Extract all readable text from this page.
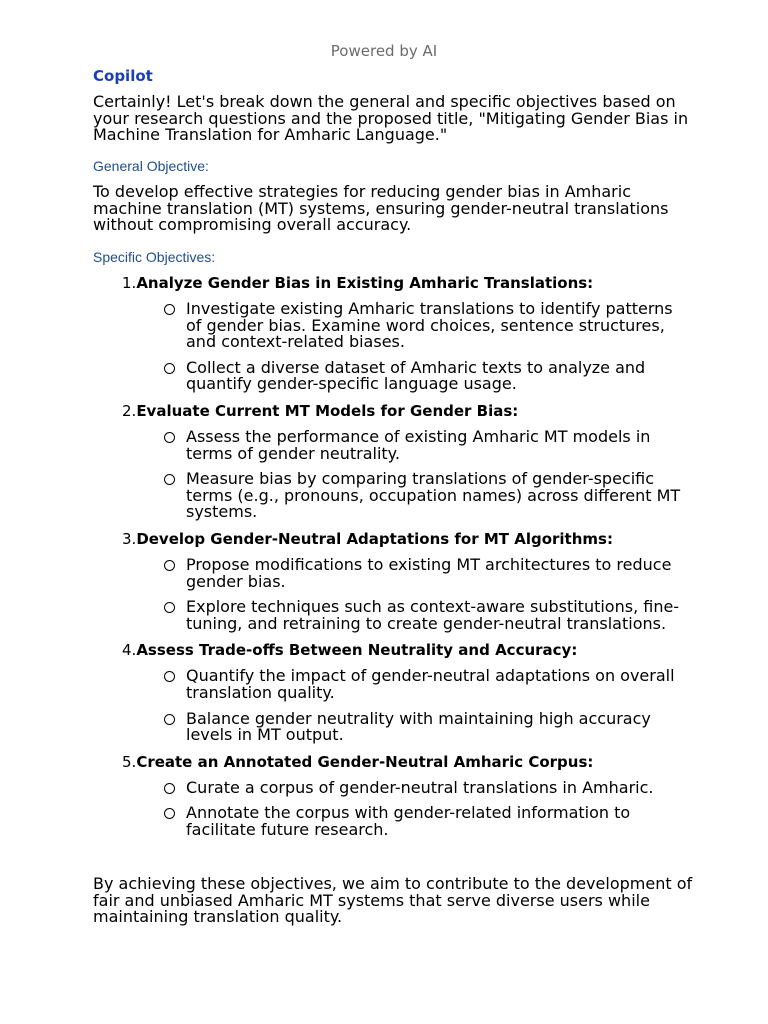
Powered by AI
Copilot

Certainly! Let's break down the general and specific objectives based on your research questions and the proposed title, "Mitigating Gender Bias in Machine Translation for Amharic Language."

General Objective:

To develop effective strategies for reducing gender bias in Amharic machine translation (MT) systems, ensuring gender-neutral translations without compromising overall accuracy.

Specific Objectives:

1.Analyze Gender Bias in Existing Amharic Translations:

Investigate existing Amharic translations to identify patterns of gender bias. Examine word choices, sentence structures, and context-related biases.
Collect a diverse dataset of Amharic texts to analyze and quantify gender-specific language usage.

2.Evaluate Current MT Models for Gender Bias:

Assess the performance of existing Amharic MT models in terms of gender neutrality.
Measure bias by comparing translations of gender-specific terms (e.g., pronouns, occupation names) across different MT systems.

3.Develop Gender-Neutral Adaptations for MT Algorithms:

Propose modifications to existing MT architectures to reduce gender bias.
Explore techniques such as context-aware substitutions, fine-tuning, and retraining to create gender-neutral translations.

4.Assess Trade-offs Between Neutrality and Accuracy:

Quantify the impact of gender-neutral adaptations on overall translation quality.
Balance gender neutrality with maintaining high accuracy levels in MT output.

5.Create an Annotated Gender-Neutral Amharic Corpus:

Curate a corpus of gender-neutral translations in Amharic.
Annotate the corpus with gender-related information to facilitate future research.

By achieving these objectives, we aim to contribute to the development of fair and unbiased Amharic MT systems that serve diverse users while maintaining translation quality.
